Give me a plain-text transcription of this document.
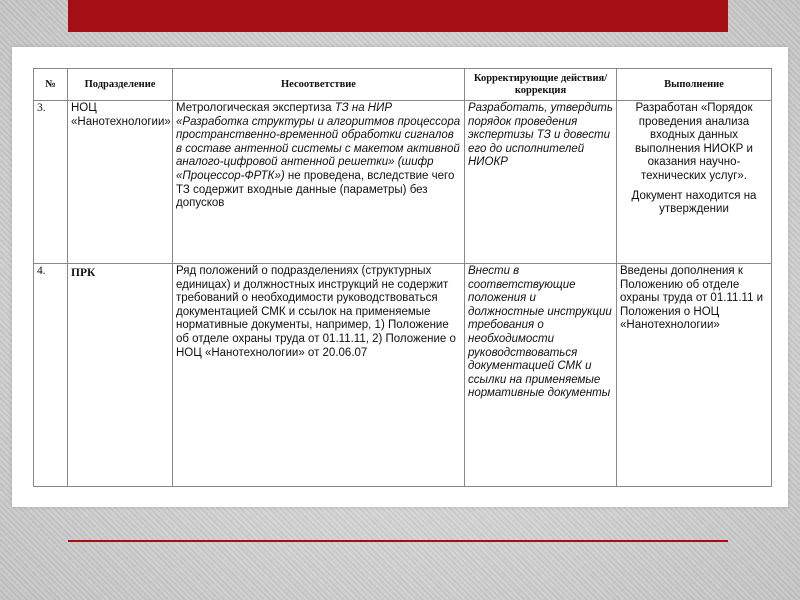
№	Подразделение	Несоответствие	Корректирующие действия/коррекция	Выполнение
3.	НОЦ «Нанотехнологии»	Метрологическая экспертиза ТЗ на НИР «Разработка структуры и алгоритмов процессора пространственно-временной обработки сигналов в составе антенной системы с макетом активной аналого-цифровой антенной решетки» (шифр «Процессор-ФРТК») не проведена, вследствие чего ТЗ содержит входные данные (параметры) без допусков	Разработать, утвердить порядок проведения экспертизы ТЗ и довести его до исполнителей НИОКР	Разработан «Порядок проведения анализа входных данных выполнения НИОКР и оказания научно-технических услуг».

Документ находится на утверждении

4.	ПРК	Ряд положений о подразделениях (структурных единицах) и должностных инструкций не содержит требований о необходимости руководствоваться документацией СМК и ссылок на применяемые нормативные документы, например, 1) Положение об отделе охраны труда от 01.11.11, 2) Положение о НОЦ «Нанотехнологии» от 20.06.07	Внести в соответствующие положения и должностные инструкции требования о необходимости руководствоваться документацией СМК и ссылки на применяемые нормативные документы	Введены дополнения к Положению об отделе охраны труда от 01.11.11 и Положения о НОЦ «Нанотехнологии»
